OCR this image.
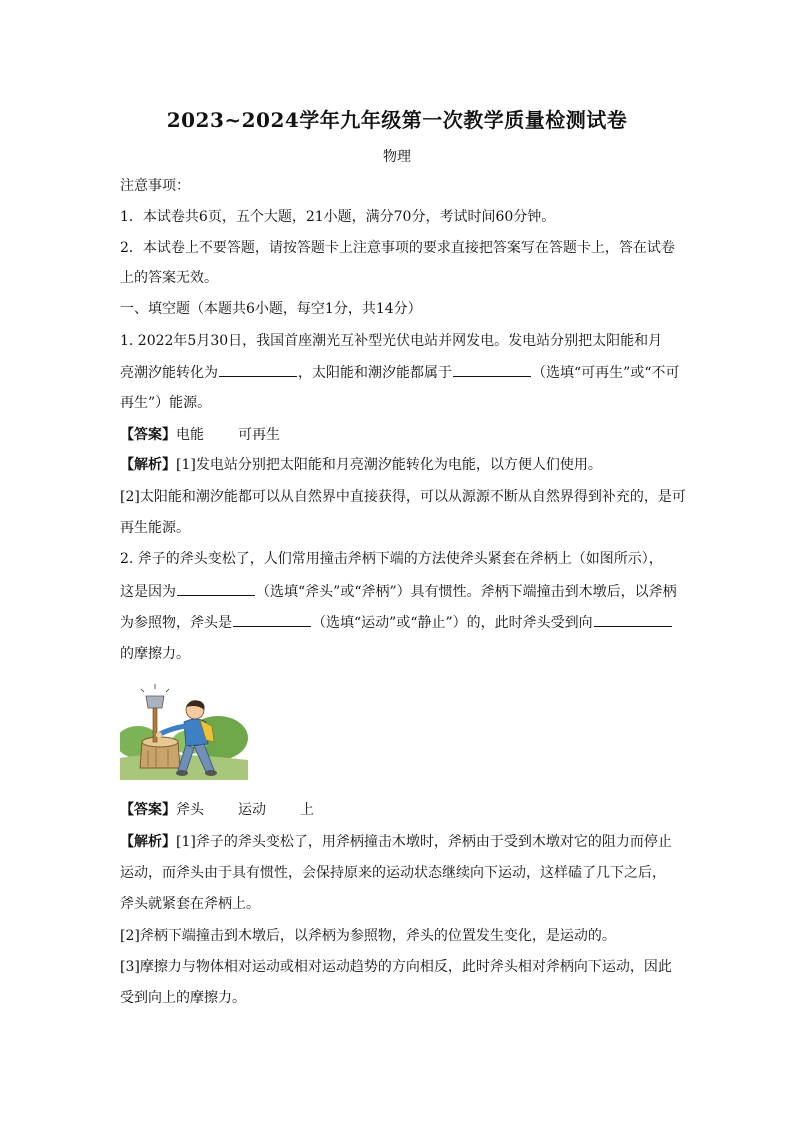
2023~2024学年九年级第一次教学质量检测试卷
物理
注意事项：
1．本试卷共6页，五个大题，21小题，满分70分，考试时间60分钟。
2．本试卷上不要答题，请按答题卡上注意事项的要求直接把答案写在答题卡上，答在试卷
上的答案无效。
一、填空题（本题共6小题，每空1分，共14分）
1. 2022年5月30日，我国首座潮光互补型光伏电站并网发电。发电站分别把太阳能和月
亮潮汐能转化为	，太阳能和潮汐能都属于	（选填“可再生”或“不可
再生”）能源。
【答案】电能 可再生
【解析】[1]发电站分别把太阳能和月亮潮汐能转化为电能，以方便人们使用。
[2]太阳能和潮汐能都可以从自然界中直接获得，可以从源源不断从自然界得到补充的，是可
再生能源。
2. 斧子的斧头变松了，人们常用撞击斧柄下端的方法使斧头紧套在斧柄上（如图所示），
这是因为	（选填“斧头”或“斧柄”）具有惯性。斧柄下端撞击到木墩后，以斧柄
为参照物，斧头是	（选填“运动”或“静止”）的，此时斧头受到向
的摩擦力。
【答案】斧头 运动 上
【解析】[1]斧子的斧头变松了，用斧柄撞击木墩时，斧柄由于受到木墩对它的阻力而停止
运动，而斧头由于具有惯性，会保持原来的运动状态继续向下运动，这样磕了几下之后，
斧头就紧套在斧柄上。
[2]斧柄下端撞击到木墩后，以斧柄为参照物，斧头的位置发生变化，是运动的。
[3]摩擦力与物体相对运动或相对运动趋势的方向相反，此时斧头相对斧柄向下运动，因此
受到向上的摩擦力。
